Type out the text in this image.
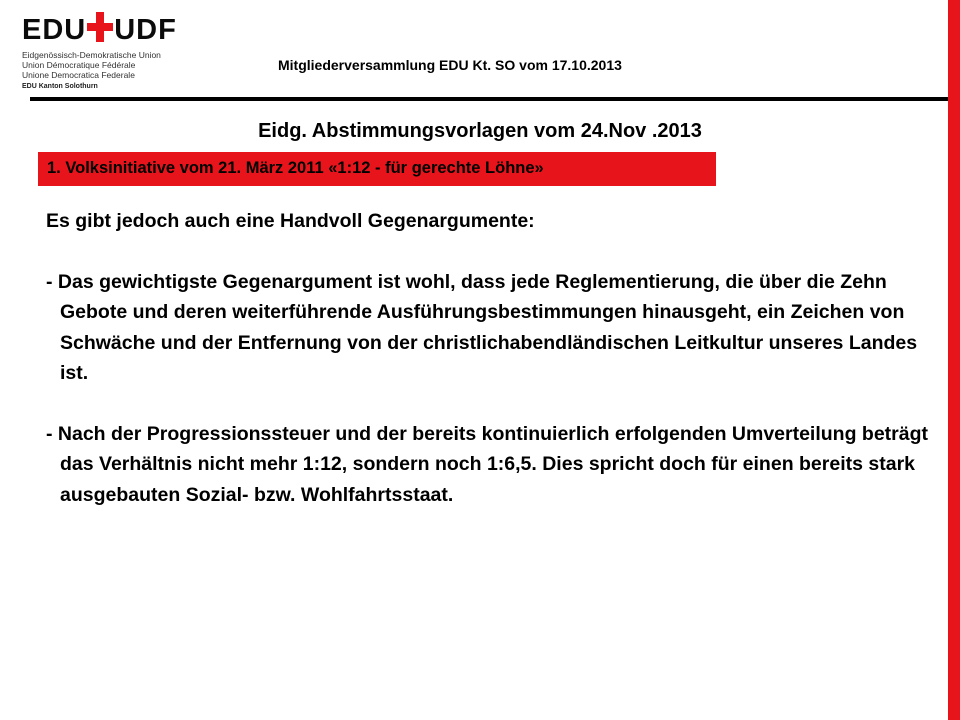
EDU UDF
Eidgenössisch-Demokratische Union
Union Démocratique Fédérale
Unione Democratica Federale
EDU Kanton Solothurn
Mitgliederversammlung EDU Kt. SO vom 17.10.2013
Eidg. Abstimmungsvorlagen vom 24.Nov .2013
1. Volksinitiative vom 21. März 2011 «1:12 - für gerechte Löhne»

Es gibt jedoch auch eine Handvoll Gegenargumente:

- Das gewichtigste Gegenargument ist wohl, dass jede Reglementierung, die über die Zehn Gebote und deren weiterführende Ausführungsbestimmungen hinausgeht, ein Zeichen von Schwäche und der Entfernung von der christlichabendländischen Leitkultur unseres Landes ist.

- Nach der Progressionssteuer und der bereits kontinuierlich erfolgenden Umverteilung beträgt das Verhältnis nicht mehr 1:12, sondern noch 1:6,5. Dies spricht doch für einen bereits stark ausgebauten Sozial- bzw. Wohlfahrtsstaat.
